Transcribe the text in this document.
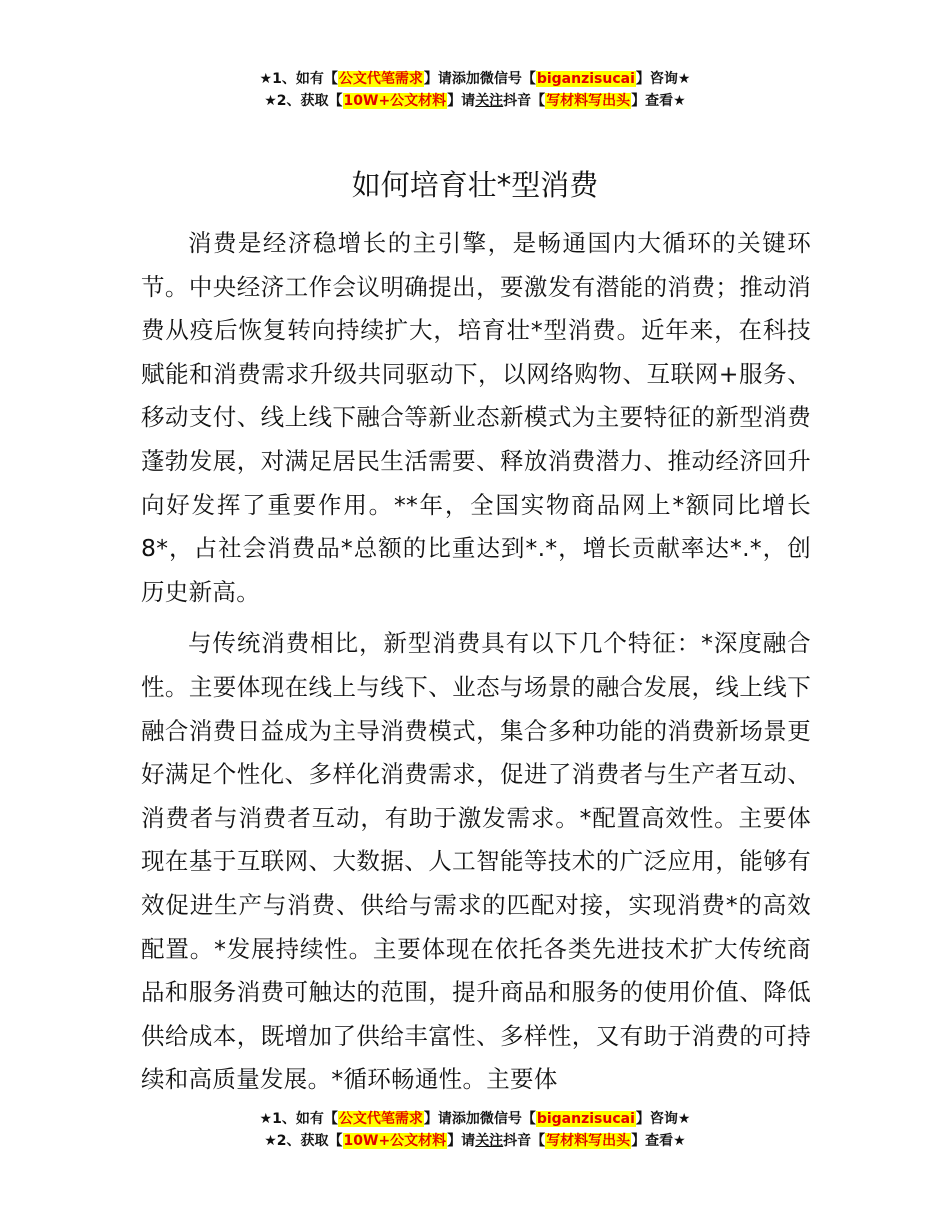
★1、如有【公文代笔需求】请添加微信号【biganzisucai】咨询★
★2、获取【10W+公文材料】请关注抖音【写材料写出头】查看★
如何培育壮*型消费

消费是经济稳增长的主引擎，是畅通国内大循环的关键环节。中央经济工作会议明确提出，要激发有潜能的消费；推动消费从疫后恢复转向持续扩大，培育壮*型消费。近年来，在科技赋能和消费需求升级共同驱动下，以网络购物、互联网+服务、移动支付、线上线下融合等新业态新模式为主要特征的新型消费蓬勃发展，对满足居民生活需要、释放消费潜力、推动经济回升向好发挥了重要作用。**年，全国实物商品网上*额同比增长 8*，占社会消费品*总额的比重达到*.*，增长贡献率达*.*，创历史新高。

与传统消费相比，新型消费具有以下几个特征：*深度融合性。主要体现在线上与线下、业态与场景的融合发展，线上线下融合消费日益成为主导消费模式，集合多种功能的消费新场景更好满足个性化、多样化消费需求，促进了消费者与生产者互动、消费者与消费者互动，有助于激发需求。*配置高效性。主要体现在基于互联网、大数据、人工智能等技术的广泛应用，能够有效促进生产与消费、供给与需求的匹配对接，实现消费*的高效配置。*发展持续性。主要体现在依托各类先进技术扩大传统商品和服务消费可触达的范围，提升商品和服务的使用价值、降低供给成本，既增加了供给丰富性、多样性，又有助于消费的可持续和高质量发展。*循环畅通性。主要体

★1、如有【公文代笔需求】请添加微信号【biganzisucai】咨询★
★2、获取【10W+公文材料】请关注抖音【写材料写出头】查看★
